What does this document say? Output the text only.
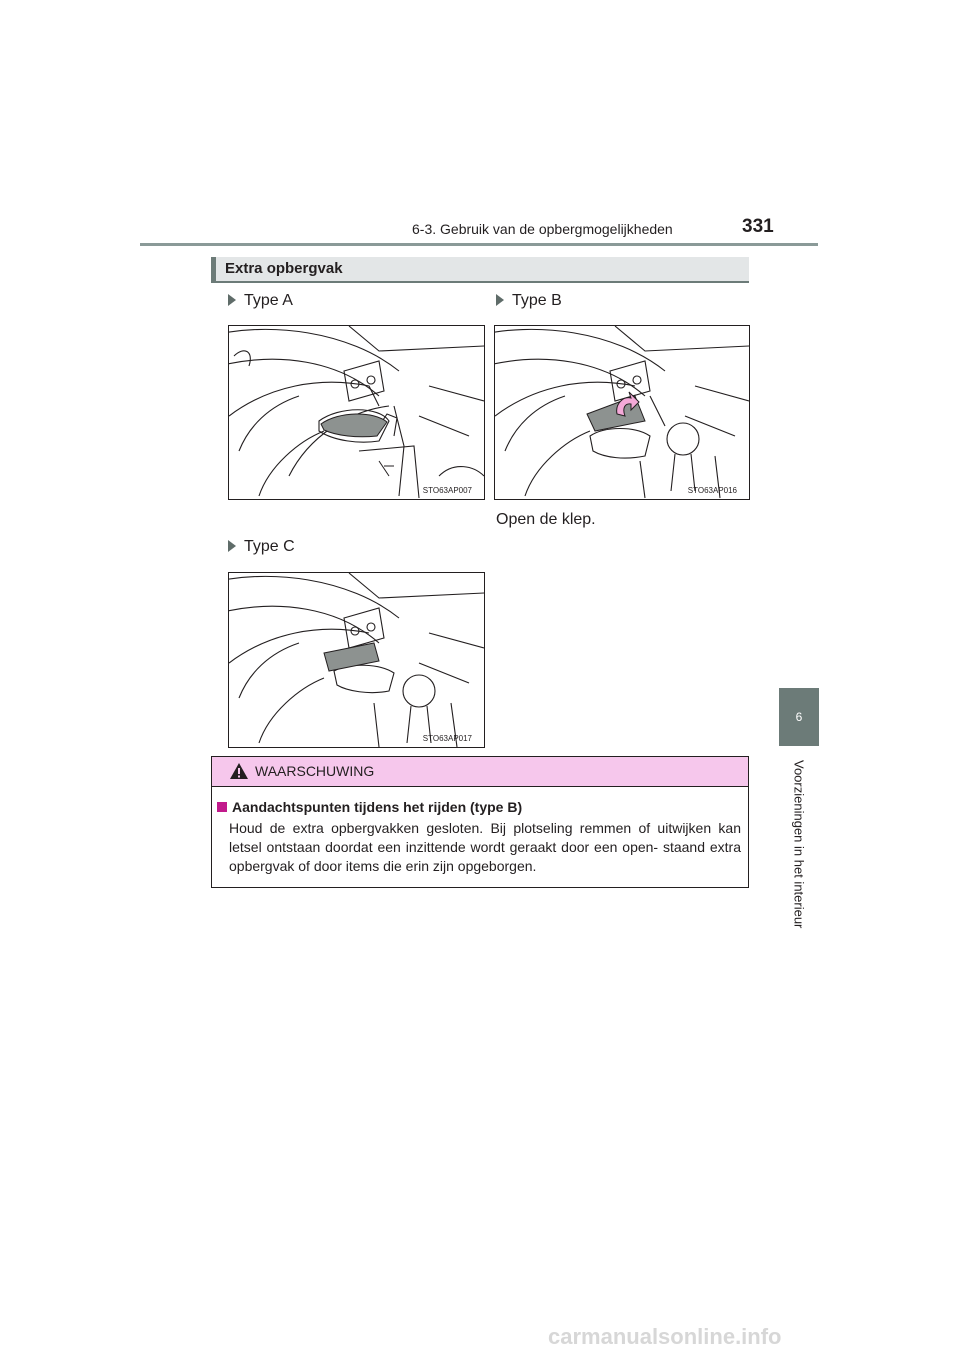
6-3. Gebruik van de opbergmogelijkheden	331
6
Voorzieningen in het interieur
Extra opbergvak
Type A	Type B
Type C
STO63AP007	STO63AP016
Open de klep.
STO63AP017
WAARSCHUWING
Aandachtspunten tijdens het rijden (type B)
Houd de extra opbergvakken gesloten. Bij plotseling remmen of uitwijken kan letsel ontstaan doordat een inzittende wordt geraakt door een open- staand extra opbergvak of door items die erin zijn opgeborgen.
carmanualsonline.info
